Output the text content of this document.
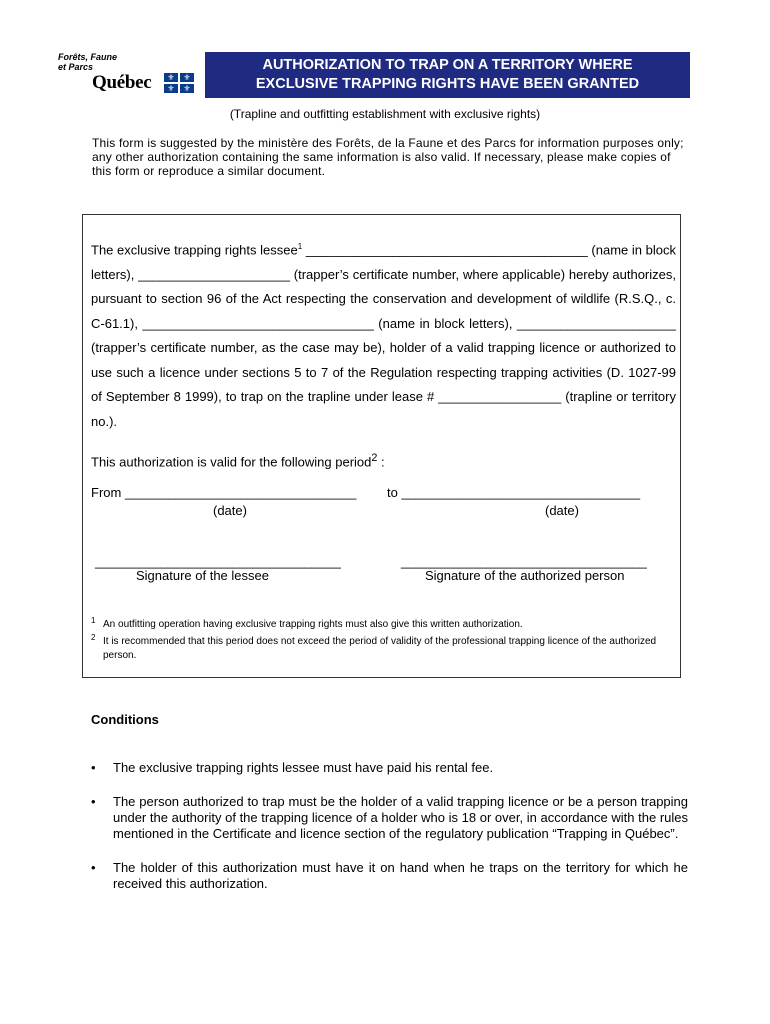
Forêts, Faune
et Parcs
Québec	⚜	⚜
⚜	⚜
AUTHORIZATION TO TRAP ON A TERRITORY WHERE
EXCLUSIVE TRAPPING RIGHTS HAVE BEEN GRANTED
(Trapline and outfitting establishment with exclusive rights)
This form is suggested by the ministère des Forêts, de la Faune et des Parcs for information purposes only; any other authorization containing the same information is also valid. If necessary, please make copies of this form or reproduce a similar document.
The exclusive trapping rights lessee$^1$ _______________________________________ (name in block letters), _____________________ (trapper’s certificate number, where applicable) hereby authorizes, pursuant to section 96 of the Act respecting the conservation and development of wildlife (R.S.Q., c. C-61.1), ________________________________ (name in block letters), ______________________ (trapper’s certificate number, as the case may be), holder of a valid trapping licence or authorized to use such a licence under sections 5 to 7 of the Regulation respecting trapping activities (D. 1027-99 of September 8 1999), to trap on the trapline under lease # _________________ (trapline or territory no.).
This authorization is valid for the following period$^2$ :
From ________________________________ to _________________________________
(date)	(date)
__________________________________	__________________________________
Signature of the lessee	Signature of the authorized person
1 An outfitting operation having exclusive trapping rights must also give this written authorization.
2 It is recommended that this period does not exceed the period of validity of the professional trapping licence of the authorized person.
Conditions
• The exclusive trapping rights lessee must have paid his rental fee.
• The person authorized to trap must be the holder of a valid trapping licence or be a person trapping under the authority of the trapping licence of a holder who is 18 or over, in accordance with the rules mentioned in the Certificate and licence section of the regulatory publication “Trapping in Québec”.
• The holder of this authorization must have it on hand when he traps on the territory for which he received this authorization.
